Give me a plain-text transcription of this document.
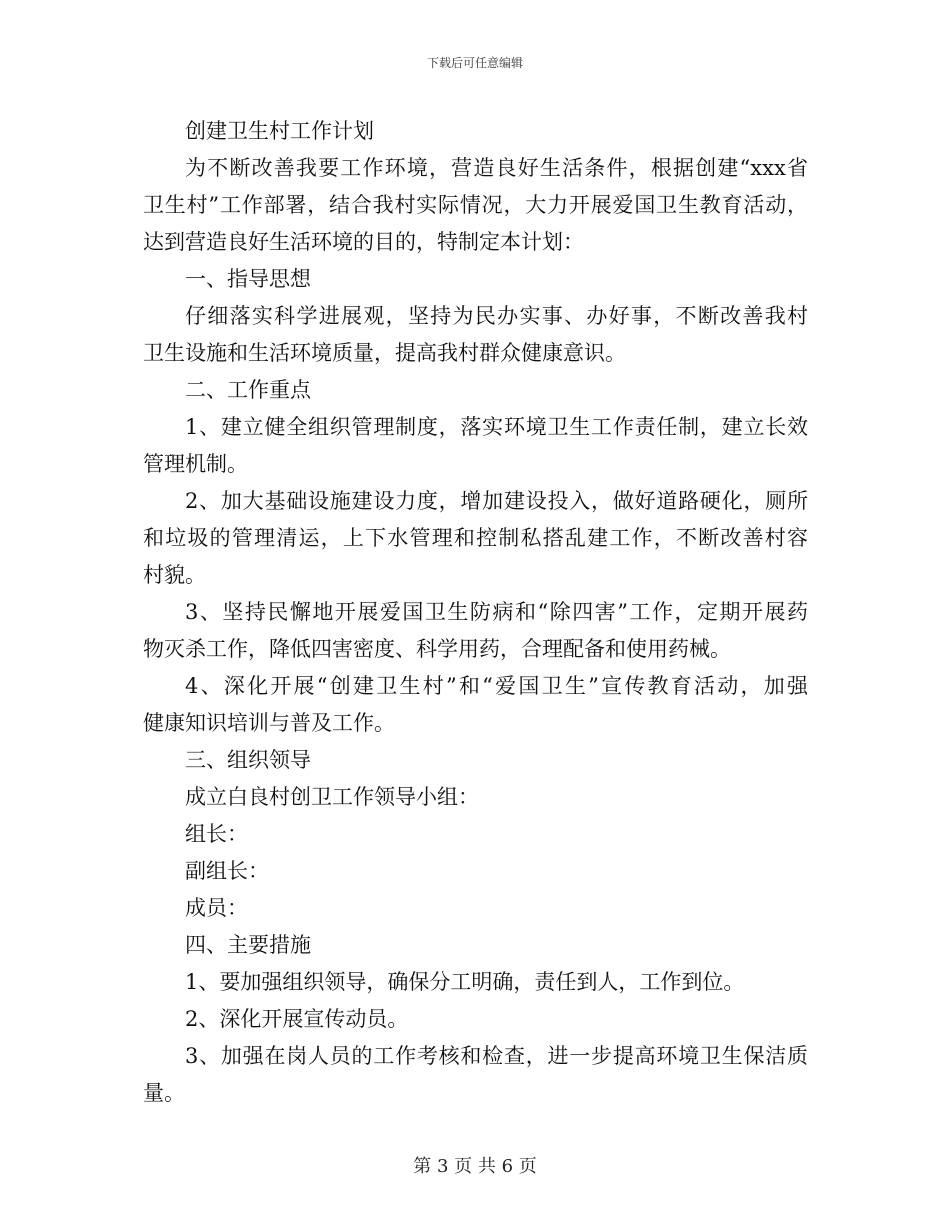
下载后可任意编辑
创建卫生村工作计划
为不断改善我要工作环境，营造良好生活条件，根据创建“xxx省
卫生村”工作部署，结合我村实际情况，大力开展爱国卫生教育活动，
达到营造良好生活环境的目的，特制定本计划：
一、指导思想
仔细落实科学进展观，坚持为民办实事、办好事，不断改善我村
卫生设施和生活环境质量，提高我村群众健康意识。
二、工作重点
1、建立健全组织管理制度，落实环境卫生工作责任制，建立长效
管理机制。
2、加大基础设施建设力度，增加建设投入，做好道路硬化，厕所
和垃圾的管理清运，上下水管理和控制私搭乱建工作，不断改善村容
村貌。
3、坚持民懈地开展爱国卫生防病和“除四害”工作，定期开展药
物灭杀工作，降低四害密度、科学用药，合理配备和使用药械。
4、深化开展“创建卫生村”和“爱国卫生”宣传教育活动，加强
健康知识培训与普及工作。
三、组织领导
成立白良村创卫工作领导小组：
组长：
副组长：
成员：
四、主要措施
1、要加强组织领导，确保分工明确，责任到人，工作到位。
2、深化开展宣传动员。
3、加强在岗人员的工作考核和检查，进一步提高环境卫生保洁质
量。
第 3 页 共 6 页
